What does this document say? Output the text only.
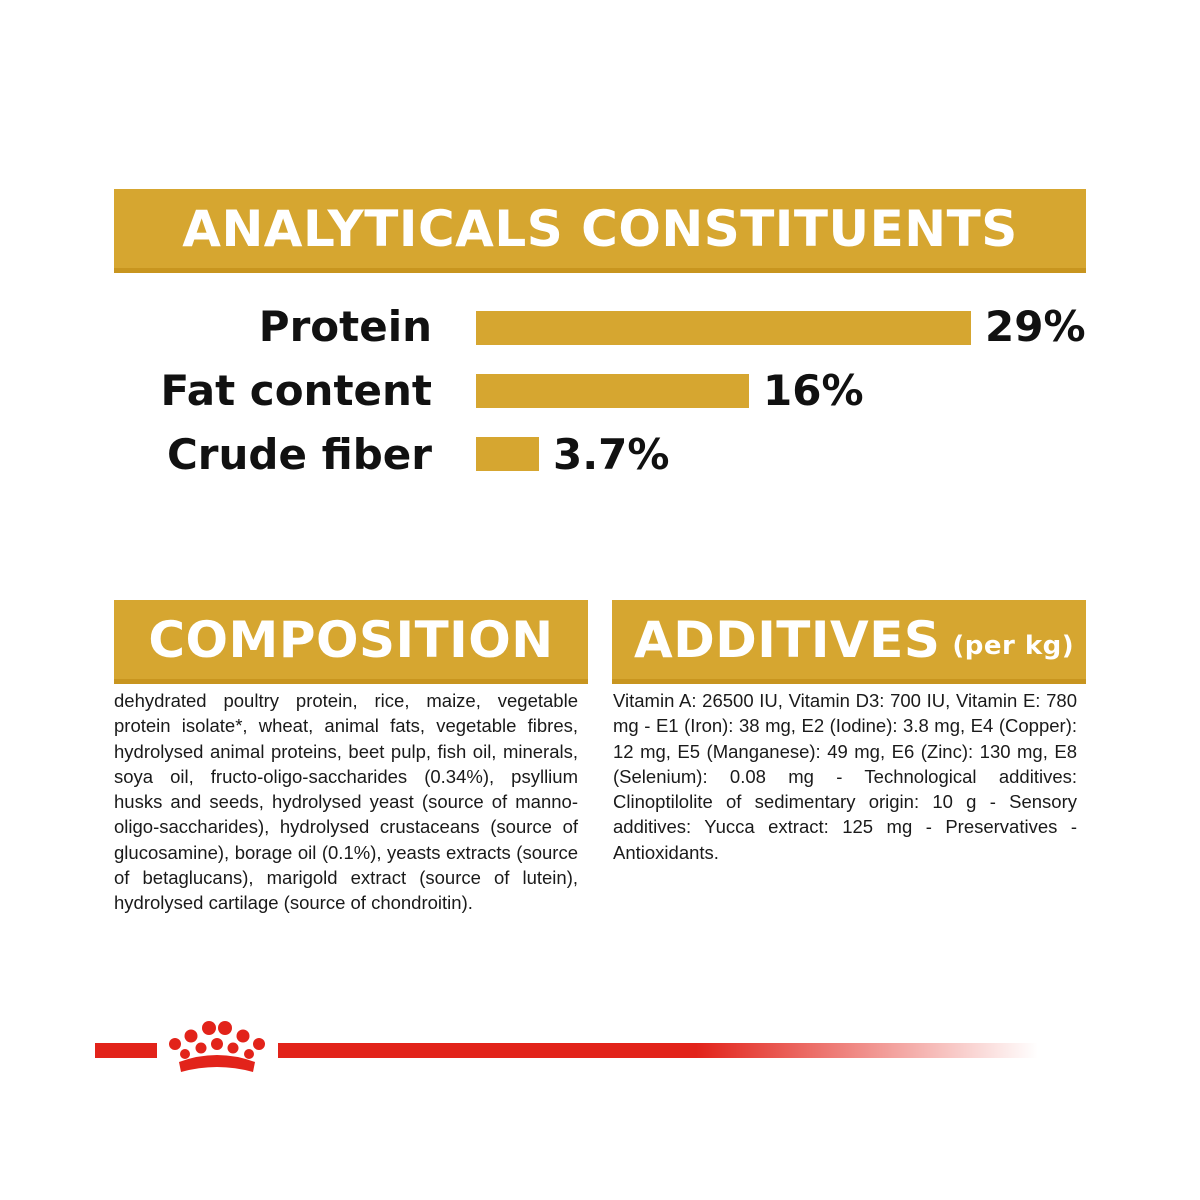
ANALYTICALS CONSTITUENTS
Protein	29%
Fat content	16%
Crude fiber	3.7%
COMPOSITION

dehydrated poultry protein, rice, maize, vegetable protein isolate*, wheat, animal fats, vegetable fibres, hydrolysed animal proteins, beet pulp, fish oil, minerals, soya oil, fructo-oligo-saccharides (0.34%), psyllium husks and seeds, hydrolysed yeast (source of manno-oligo-saccharides), hydrolysed crustaceans (source of glucosamine), borage oil (0.1%), yeasts extracts (source of betaglucans), marigold extract (source of lutein), hydrolysed cartilage (source of chondroitin).

ADDITIVES (per kg)

Vitamin A: 26500 IU, Vitamin D3: 700 IU, Vitamin E: 780 mg - E1 (Iron): 38 mg, E2 (Iodine): 3.8 mg, E4 (Copper): 12 mg, E5 (Manganese): 49 mg, E6 (Zinc): 130 mg, E8 (Selenium): 0.08 mg - Technological additives: Clinoptilolite of sedimentary origin: 10 g - Sensory additives: Yucca extract: 125 mg - Preservatives - Antioxidants.
